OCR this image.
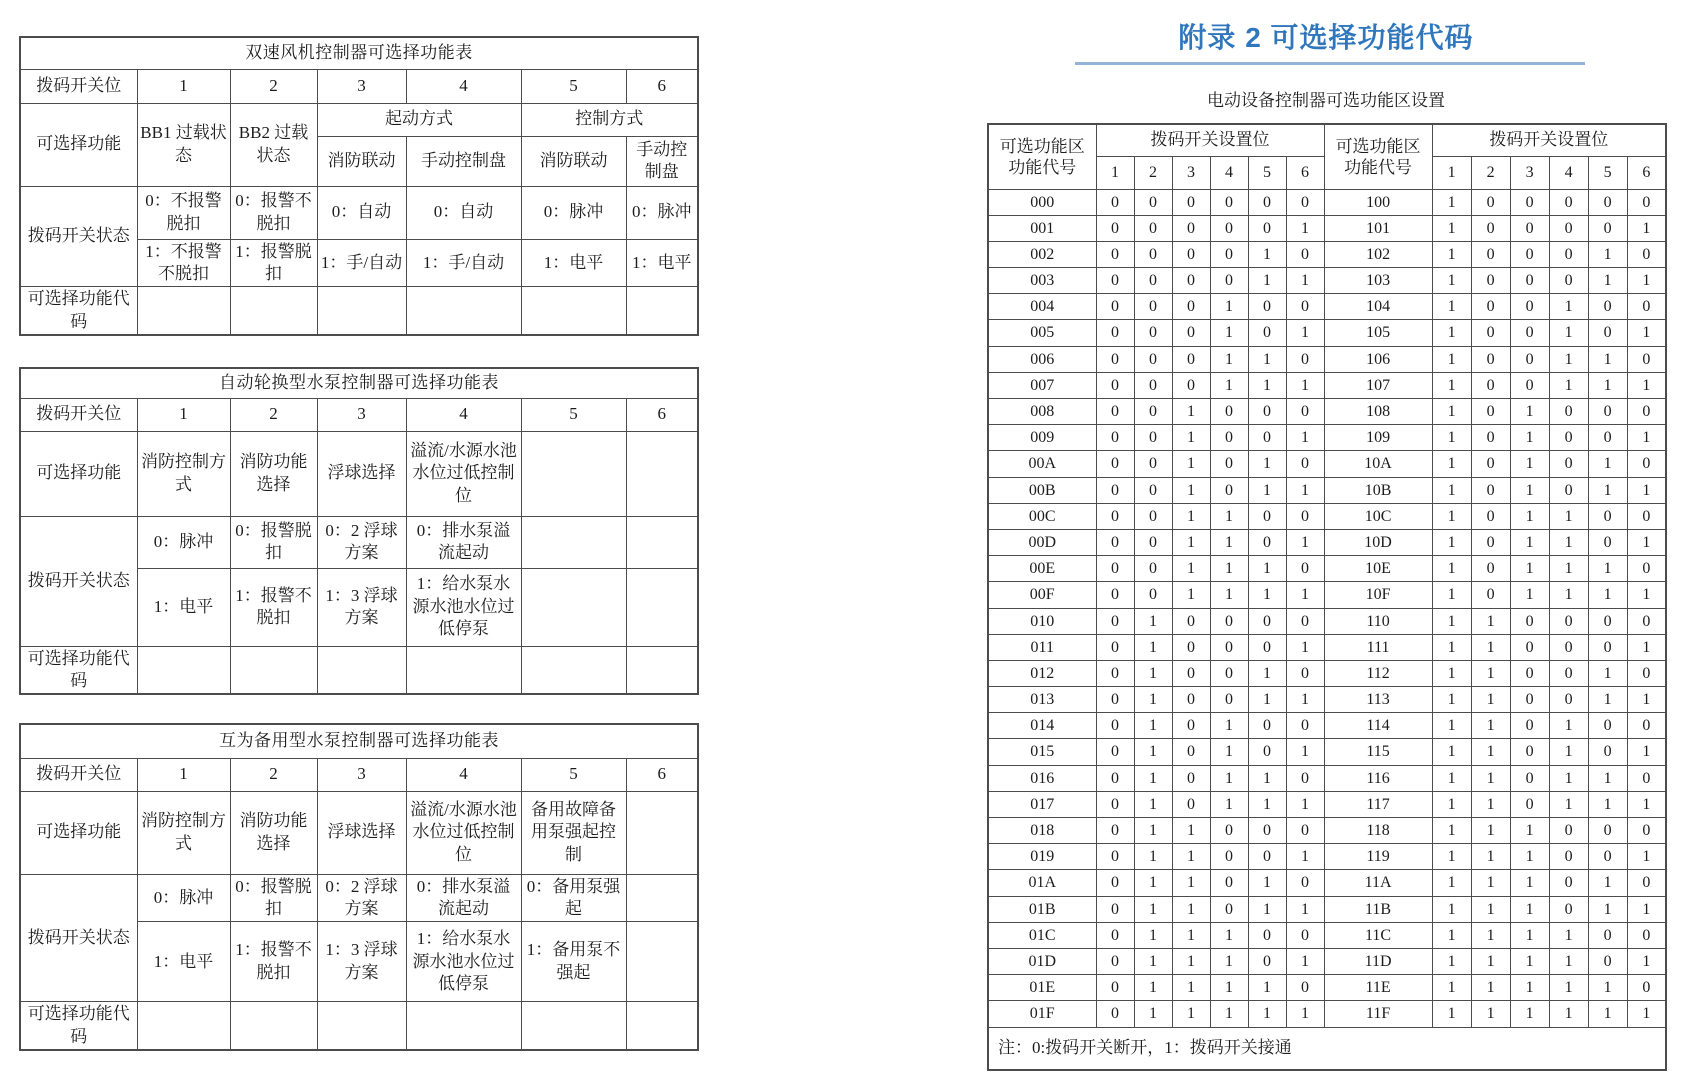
双速风机控制器可选择功能表						
拨码开关位	1	2	3	4	5	6
可选择功能	BB1 过载状态	BB2 过载状态	起动方式		控制方式	
			消防联动	手动控制盘	消防联动	手动控制盘
拨码开关状态	0：不报警脱扣	0：报警不脱扣	0：自动	0：自动	0：脉冲	0：脉冲
	1：不报警不脱扣	1：报警脱扣	1：手/自动	1：手/自动	1：电平	1：电平
可选择功能代码						
自动轮换型水泵控制器可选择功能表						
拨码开关位	1	2	3	4	5	6
可选择功能	消防控制方式	消防功能选择	浮球选择	溢流/水源水池水位过低控制位		
拨码开关状态	0：脉冲	0：报警脱扣	0：2 浮球方案	0：排水泵溢流起动		
	1：电平	1：报警不脱扣	1：3 浮球方案	1：给水泵水源水池水位过低停泵		
可选择功能代码						
互为备用型水泵控制器可选择功能表						
拨码开关位	1	2	3	4	5	6
可选择功能	消防控制方式	消防功能选择	浮球选择	溢流/水源水池水位过低控制位	备用故障备用泵强起控制	
拨码开关状态	0：脉冲	0：报警脱扣	0：2 浮球方案	0：排水泵溢流起动	0：备用泵强起	
	1：电平	1：报警不脱扣	1：3 浮球方案	1：给水泵水源水池水位过低停泵	1：备用泵不强起	
可选择功能代码						
附录 2 可选择功能代码
电动设备控制器可选功能区设置
可选功能区功能代号	拨码开关设置位						可选功能区功能代号	拨码开关设置位					
	1	2	3	4	5	6		1	2	3	4	5	6
000	0	0	0	0	0	0	100	1	0	0	0	0	0
001	0	0	0	0	0	1	101	1	0	0	0	0	1
002	0	0	0	0	1	0	102	1	0	0	0	1	0
003	0	0	0	0	1	1	103	1	0	0	0	1	1
004	0	0	0	1	0	0	104	1	0	0	1	0	0
005	0	0	0	1	0	1	105	1	0	0	1	0	1
006	0	0	0	1	1	0	106	1	0	0	1	1	0
007	0	0	0	1	1	1	107	1	0	0	1	1	1
008	0	0	1	0	0	0	108	1	0	1	0	0	0
009	0	0	1	0	0	1	109	1	0	1	0	0	1
00A	0	0	1	0	1	0	10A	1	0	1	0	1	0
00B	0	0	1	0	1	1	10B	1	0	1	0	1	1
00C	0	0	1	1	0	0	10C	1	0	1	1	0	0
00D	0	0	1	1	0	1	10D	1	0	1	1	0	1
00E	0	0	1	1	1	0	10E	1	0	1	1	1	0
00F	0	0	1	1	1	1	10F	1	0	1	1	1	1
010	0	1	0	0	0	0	110	1	1	0	0	0	0
011	0	1	0	0	0	1	111	1	1	0	0	0	1
012	0	1	0	0	1	0	112	1	1	0	0	1	0
013	0	1	0	0	1	1	113	1	1	0	0	1	1
014	0	1	0	1	0	0	114	1	1	0	1	0	0
015	0	1	0	1	0	1	115	1	1	0	1	0	1
016	0	1	0	1	1	0	116	1	1	0	1	1	0
017	0	1	0	1	1	1	117	1	1	0	1	1	1
018	0	1	1	0	0	0	118	1	1	1	0	0	0
019	0	1	1	0	0	1	119	1	1	1	0	0	1
01A	0	1	1	0	1	0	11A	1	1	1	0	1	0
01B	0	1	1	0	1	1	11B	1	1	1	0	1	1
01C	0	1	1	1	0	0	11C	1	1	1	1	0	0
01D	0	1	1	1	0	1	11D	1	1	1	1	0	1
01E	0	1	1	1	1	0	11E	1	1	1	1	1	0
01F	0	1	1	1	1	1	11F	1	1	1	1	1	1
注：0:拨码开关断开，1：拨码开关接通													
